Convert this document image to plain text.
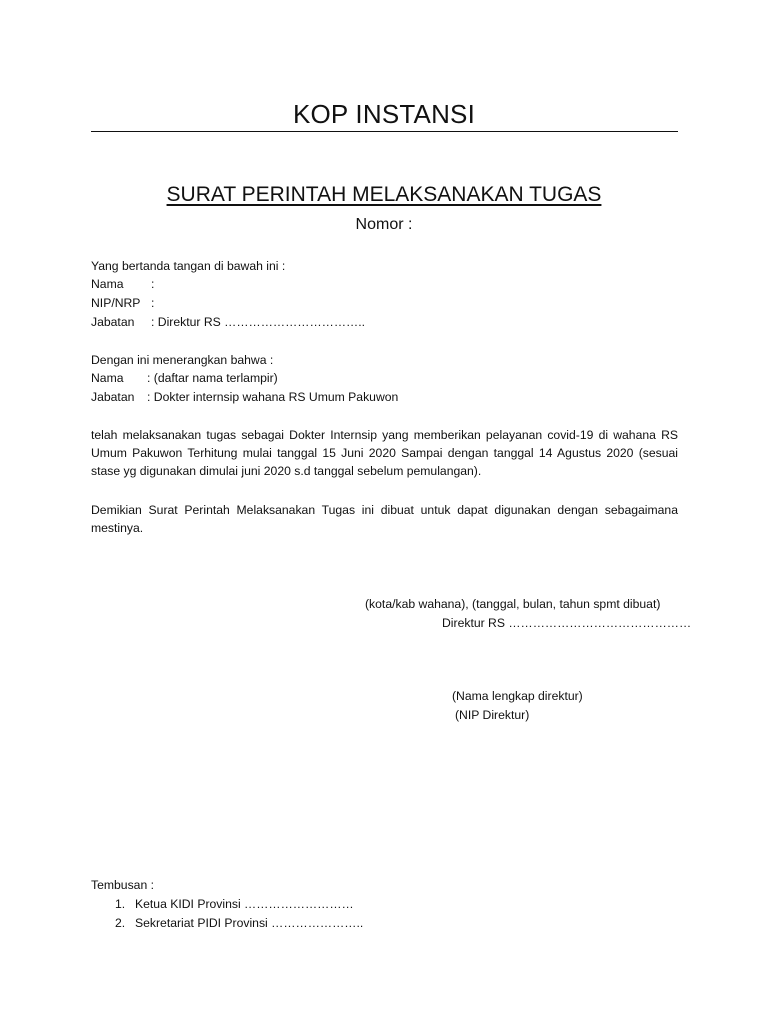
KOP INSTANSI
SURAT PERINTAH MELAKSANAKAN TUGAS
Nomor :
Yang bertanda tangan di bawah ini :
Nama :
NIP/NRP :
Jabatan : Direktur RS ……………………………..
Dengan ini menerangkan bahwa :
Nama : (daftar nama terlampir)
Jabatan : Dokter internsip wahana RS Umum Pakuwon
telah melaksanakan tugas sebagai Dokter Internsip yang memberikan pelayanan covid-19 di wahana RS Umum Pakuwon Terhitung mulai tanggal 15 Juni 2020 Sampai dengan tanggal 14 Agustus 2020 (sesuai stase yg digunakan dimulai juni 2020 s.d tanggal sebelum pemulangan).
Demikian Surat Perintah Melaksanakan Tugas ini dibuat untuk dapat digunakan dengan sebagaimana mestinya.
(kota/kab wahana), (tanggal, bulan, tahun spmt dibuat)
Direktur RS ………………………………………
(Nama lengkap direktur)
(NIP Direktur)
Tembusan :
1. Ketua KIDI Provinsi ………………………
2. Sekretariat PIDI Provinsi …………………..
